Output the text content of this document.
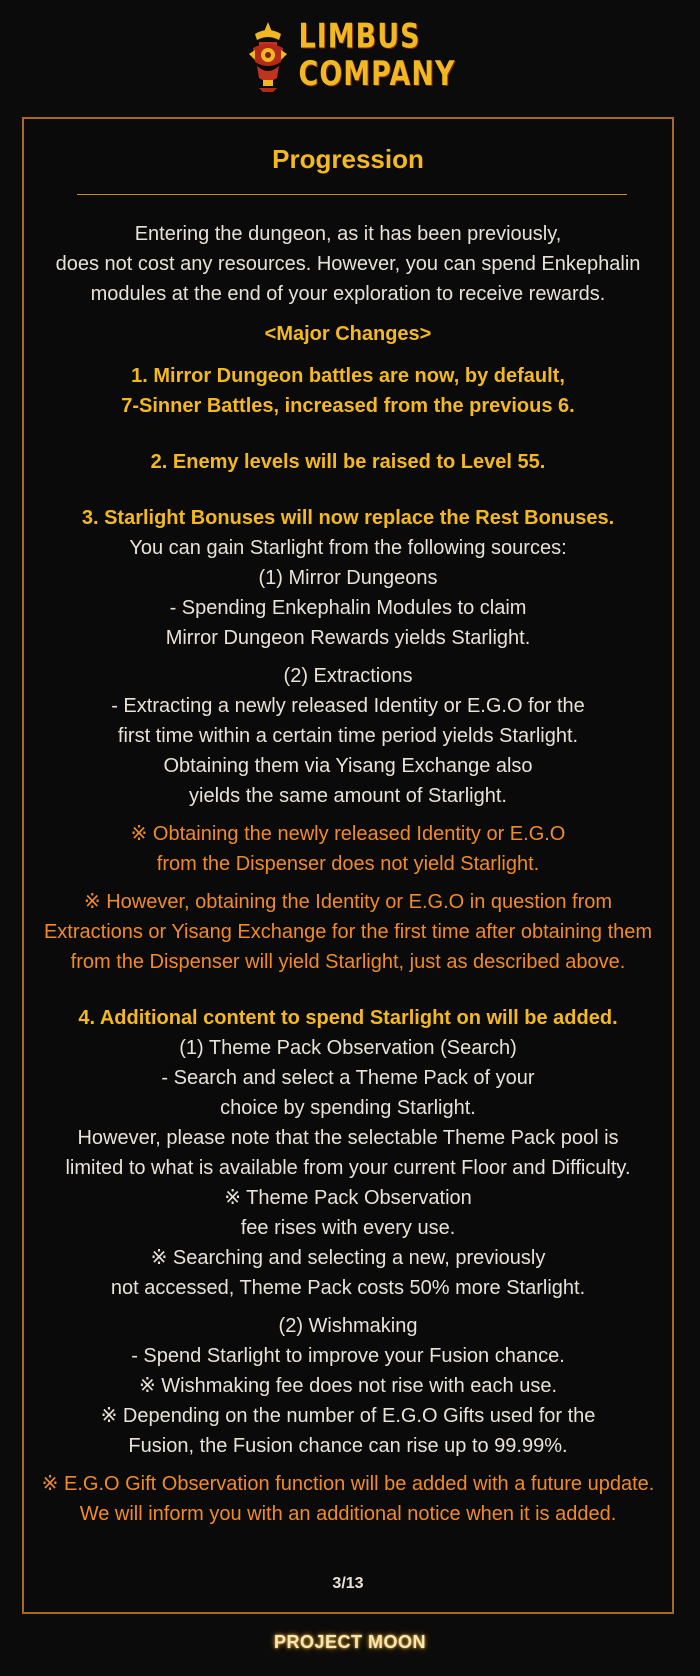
LIMBUS
COMPANY
Progression

Entering the dungeon, as it has been previously,
does not cost any resources. However, you can spend Enkephalin
modules at the end of your exploration to receive rewards.

<Major Changes>

1. Mirror Dungeon battles are now, by default,
7-Sinner Battles, increased from the previous 6.

2. Enemy levels will be raised to Level 55.

3. Starlight Bonuses will now replace the Rest Bonuses.

You can gain Starlight from the following sources:
(1) Mirror Dungeons
- Spending Enkephalin Modules to claim
Mirror Dungeon Rewards yields Starlight.

(2) Extractions
- Extracting a newly released Identity or E.G.O for the
first time within a certain time period yields Starlight.
Obtaining them via Yisang Exchange also
yields the same amount of Starlight.

※ Obtaining the newly released Identity or E.G.O
from the Dispenser does not yield Starlight.

※ However, obtaining the Identity or E.G.O in question from
Extractions or Yisang Exchange for the first time after obtaining them
from the Dispenser will yield Starlight, just as described above.

4. Additional content to spend Starlight on will be added.

(1) Theme Pack Observation (Search)
- Search and select a Theme Pack of your
choice by spending Starlight.
However, please note that the selectable Theme Pack pool is
limited to what is available from your current Floor and Difficulty.
※ Theme Pack Observation
fee rises with every use.
※ Searching and selecting a new, previously
not accessed, Theme Pack costs 50% more Starlight.

(2) Wishmaking
- Spend Starlight to improve your Fusion chance.
※ Wishmaking fee does not rise with each use.
※ Depending on the number of E.G.O Gifts used for the
Fusion, the Fusion chance can rise up to 99.99%.

※ E.G.O Gift Observation function will be added with a future update.
We will inform you with an additional notice when it is added.

3/13
PROJECT MOON
